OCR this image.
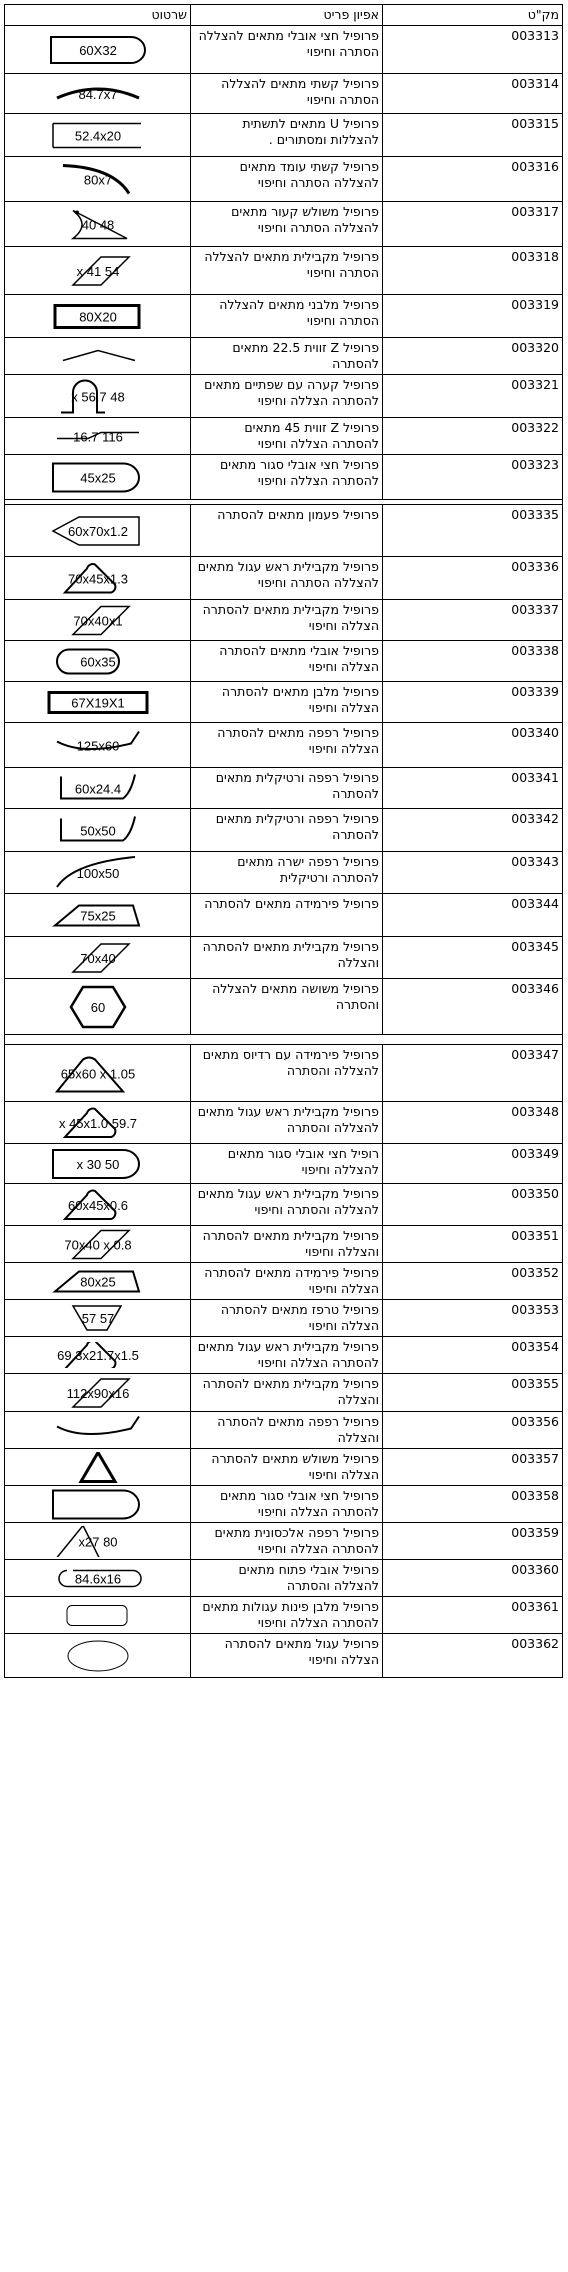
מק"ט	אפיון פריט	שרטוט
003313	פרופיל חצי אובלי מתאים להצללה הסתרה וחיפוי	60X32

003314	פרופיל קשתי מתאים להצללה הסתרה וחיפוי	84.7x7

003315	פרופיל U מתאים לתשתית להצללות ומסתורים .	52.4x20

003316	פרופיל קשתי עומד מתאים להצללה הסתרה וחיפוי	80x7

003317	פרופיל משולש קעור מתאים להצללה הסתרה וחיפוי	48 40

003318	פרופיל מקבילית מתאים להצללה הסתרה וחיפוי	54 x 41

003319	פרופיל מלבני מתאים להצללה הסתרה וחיפוי	80X20

003320	פרופיל Z זווית 22.5 מתאים להסתרה	

003321	פרופיל קערה עם שפתיים מתאים להסתרה הצללה וחיפוי	48 x 56.7

003322	פרופיל Z זווית 45 מתאים להסתרה הצללה וחיפוי	116 16.7

003323	פרופיל חצי אובלי סגור מתאים להסתרה הצללה וחיפוי	45x25

003335	פרופיל פעמון מתאים להסתרה	60x70x1.2

003336	פרופיל מקבילית ראש עגול מתאים להצללה הסתרה וחיפוי	70x45x1.3

003337	פרופיל מקבילית מתאים להסתרה הצללה וחיפוי	70x40x1

003338	פרופיל אובלי מתאים להסתרה הצללה וחיפוי	60x35

003339	פרופיל מלבן מתאים להסתרה הצללה וחיפוי	67X19X1

003340	פרופיל רפפה מתאים להסתרה הצללה וחיפוי	125x60

003341	פרופיל רפפה ורטיקלית מתאים להסתרה	60x24.4

003342	פרופיל רפפה ורטיקלית מתאים להסתרה	50x50

003343	פרופיל רפפה ישרה מתאים להסתרה ורטיקלית	100x50

003344	פרופיל פירמידה מתאים להסתרה	75x25

003345	פרופיל מקבילית מתאים להסתרה והצללה	70x40

003346	פרופיל משושה מתאים להצללה והסתרה	60

003347	פרופיל פירמידה עם רדיוס מתאים להצללה והסתרה	65x60 x 1.05

003348	פרופיל מקבילית ראש עגול מתאים להצללה והסתרה	59.7 x 45x1.0

003349	רופיל חצי אובלי סגור מתאים להצללה וחיפוי	50 x 30

003350	פרופיל מקבילית ראש עגול מתאים להצללה והסתרה וחיפוי	60x45x0.6

003351	פרופיל מקבילית מתאים להסתרה והצללה וחיפוי	70x40 x 0.8

003352	פרופיל פירמידה מתאים להסתרה הצללה וחיפוי	80x25

003353	פרופיל טרפז מתאים להסתרה הצללה וחיפוי	57 57

003354	פרופיל מקבילית ראש עגול מתאים להסתרה הצללה וחיפוי	69.3x21.7x1.5

003355	פרופיל מקבילית מתאים להסתרה והצללה	112x90x16

003356	פרופיל רפפה מתאים להסתרה והצללה	

003357	פרופיל משולש מתאים להסתרה הצללה וחיפוי	

003358	פרופיל חצי אובלי סגור מתאים להסתרה הצללה וחיפוי	

003359	פרופיל רפפה אלכסונית מתאים להסתרה הצללה וחיפוי	80 x27

003360	פרופיל אובלי פתוח מתאים להצללה והסתרה	84.6x16

003361	פרופיל מלבן פינות עגולות מתאים להסתרה הצללה וחיפוי	

003362	פרופיל עגול מתאים להסתרה הצללה וחיפוי	
